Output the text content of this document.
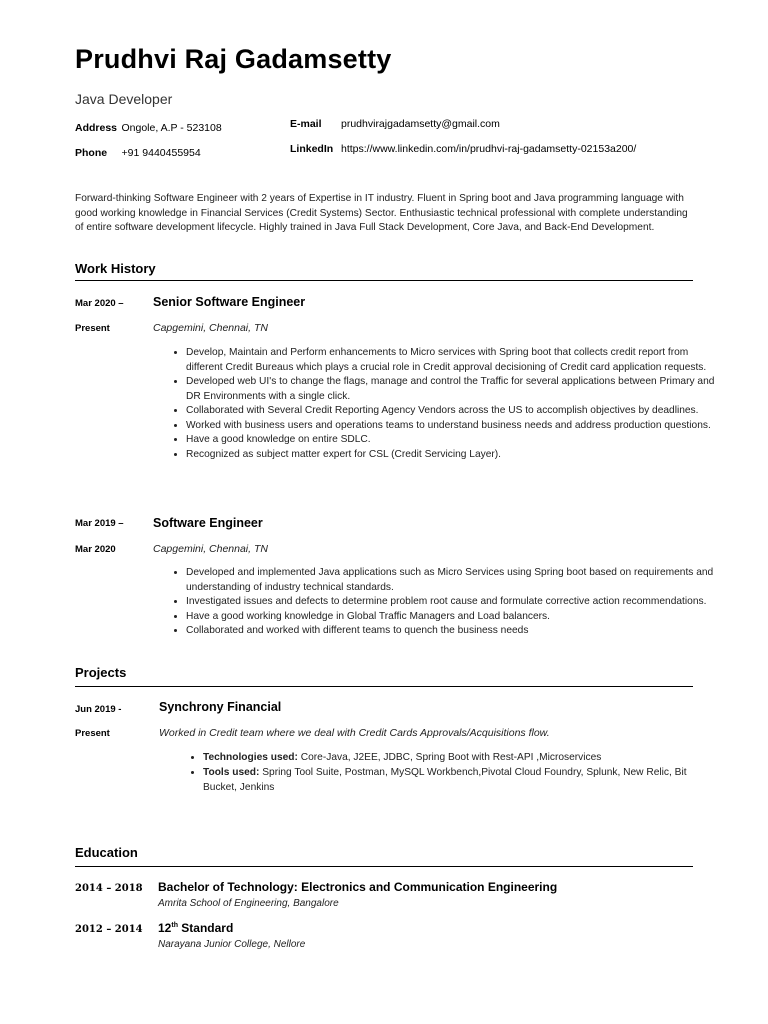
Prudhvi Raj Gadamsetty
Java Developer
Address Ongole, A.P - 523108
Phone +91 9440455954
E-mail prudhvirajgadamsetty@gmail.com
LinkedIn https://www.linkedin.com/in/prudhvi-raj-gadamsetty-02153a200/
Forward-thinking Software Engineer with 2 years of Expertise in IT industry. Fluent in Spring boot and Java programming language with good working knowledge in Financial Services (Credit Systems) Sector. Enthusiastic technical professional with complete understanding of entire software development lifecycle. Highly trained in Java Full Stack Development, Core Java, and Back-End Development.
Work History
Mar 2020 –
Present
Senior Software Engineer
Capgemini, Chennai, TN
• Develop, Maintain and Perform enhancements to Micro services with Spring boot that collects credit report from different Credit Bureaus which plays a crucial role in Credit approval decisioning of Credit card application requests.
• Developed web UI's to change the flags, manage and control the Traffic for several applications between Primary and DR Environments with a single click.
• Collaborated with Several Credit Reporting Agency Vendors across the US to accomplish objectives by deadlines.
• Worked with business users and operations teams to understand business needs and address production questions.
• Have a good knowledge on entire SDLC.
• Recognized as subject matter expert for CSL (Credit Servicing Layer).
Mar 2019 –
Mar 2020
Software Engineer
Capgemini, Chennai, TN
• Developed and implemented Java applications such as Micro Services using Spring boot based on requirements and understanding of industry technical standards.
• Investigated issues and defects to determine problem root cause and formulate corrective action recommendations.
• Have a good working knowledge in Global Traffic Managers and Load balancers.
• Collaborated and worked with different teams to quench the business needs
Projects
Jun 2019 -
Present
Synchrony Financial
Worked in Credit team where we deal with Credit Cards Approvals/Acquisitions flow.
• Technologies used: Core-Java, J2EE, JDBC, Spring Boot with Rest-API ,Microservices
• Tools used: Spring Tool Suite, Postman, MySQL Workbench,Pivotal Cloud Foundry, Splunk, New Relic, Bit Bucket, Jenkins
Education
2014 – 2018 Bachelor of Technology: Electronics and Communication Engineering
Amrita School of Engineering, Bangalore
2012 – 2014 12th Standard
Narayana Junior College, Nellore
